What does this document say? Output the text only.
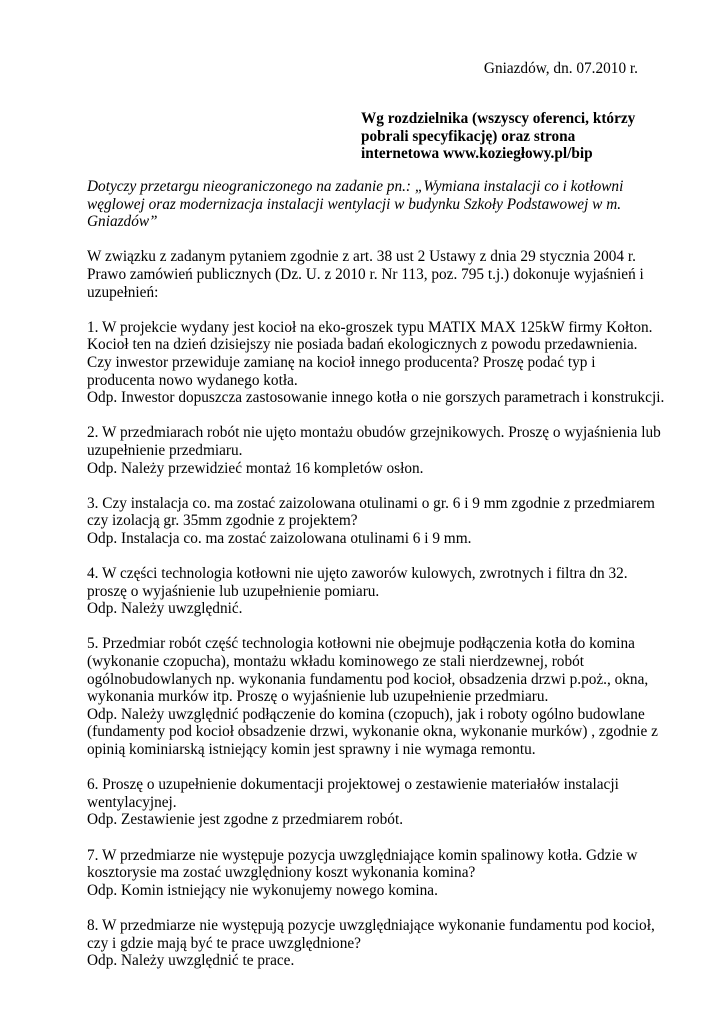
Gniazdów, dn. 07.2010 r.
Wg rozdzielnika (wszyscy oferenci, którzy
pobrali specyfikację) oraz strona
internetowa www.koziegłowy.pl/bip
Dotyczy przetargu nieograniczonego na zadanie pn.: „Wymiana instalacji co i kotłowni
węglowej oraz modernizacja instalacji wentylacji w budynku Szkoły Podstawowej w m.
Gniazdów”
W związku z zadanym pytaniem zgodnie z art. 38 ust 2 Ustawy z dnia 29 stycznia 2004 r.
Prawo zamówień publicznych (Dz. U. z 2010 r. Nr 113, poz. 795 t.j.) dokonuje wyjaśnień i
uzupełnień:
1. W projekcie wydany jest kocioł na eko-groszek typu MATIX MAX 125kW firmy Kołton.
Kocioł ten na dzień dzisiejszy nie posiada badań ekologicznych z powodu przedawnienia.
Czy inwestor przewiduje zamianę na kocioł innego producenta? Proszę podać typ i
producenta nowo wydanego kotła.
Odp. Inwestor dopuszcza zastosowanie innego kotła o nie gorszych parametrach i konstrukcji.
2. W przedmiarach robót nie ujęto montażu obudów grzejnikowych. Proszę o wyjaśnienia lub
uzupełnienie przedmiaru.
Odp. Należy przewidzieć montaż 16 kompletów osłon.
3. Czy instalacja co. ma zostać zaizolowana otulinami o gr. 6 i 9 mm zgodnie z przedmiarem
czy izolacją gr. 35mm zgodnie z projektem?
Odp. Instalacja co. ma zostać zaizolowana otulinami 6 i 9 mm.
4. W części technologia kotłowni nie ujęto zaworów kulowych, zwrotnych i filtra dn 32.
proszę o wyjaśnienie lub uzupełnienie pomiaru.
Odp. Należy uwzględnić.
5. Przedmiar robót część technologia kotłowni nie obejmuje podłączenia kotła do komina
(wykonanie czopucha), montażu wkładu kominowego ze stali nierdzewnej, robót
ogólnobudowlanych np. wykonania fundamentu pod kocioł, obsadzenia drzwi p.poż., okna,
wykonania murków itp. Proszę o wyjaśnienie lub uzupełnienie przedmiaru.
Odp. Należy uwzględnić podłączenie do komina (czopuch), jak i roboty ogólno budowlane
(fundamenty pod kocioł obsadzenie drzwi, wykonanie okna, wykonanie murków) , zgodnie z
opinią kominiarską istniejący komin jest sprawny i nie wymaga remontu.
6. Proszę o uzupełnienie dokumentacji projektowej o zestawienie materiałów instalacji
wentylacyjnej.
Odp. Zestawienie jest zgodne z przedmiarem robót.
7. W przedmiarze nie występuje pozycja uwzględniające komin spalinowy kotła. Gdzie w
kosztorysie ma zostać uwzględniony koszt wykonania komina?
Odp. Komin istniejący nie wykonujemy nowego komina.
8. W przedmiarze nie występują pozycje uwzględniające wykonanie fundamentu pod kocioł,
czy i gdzie mają być te prace uwzględnione?
Odp. Należy uwzględnić te prace.
